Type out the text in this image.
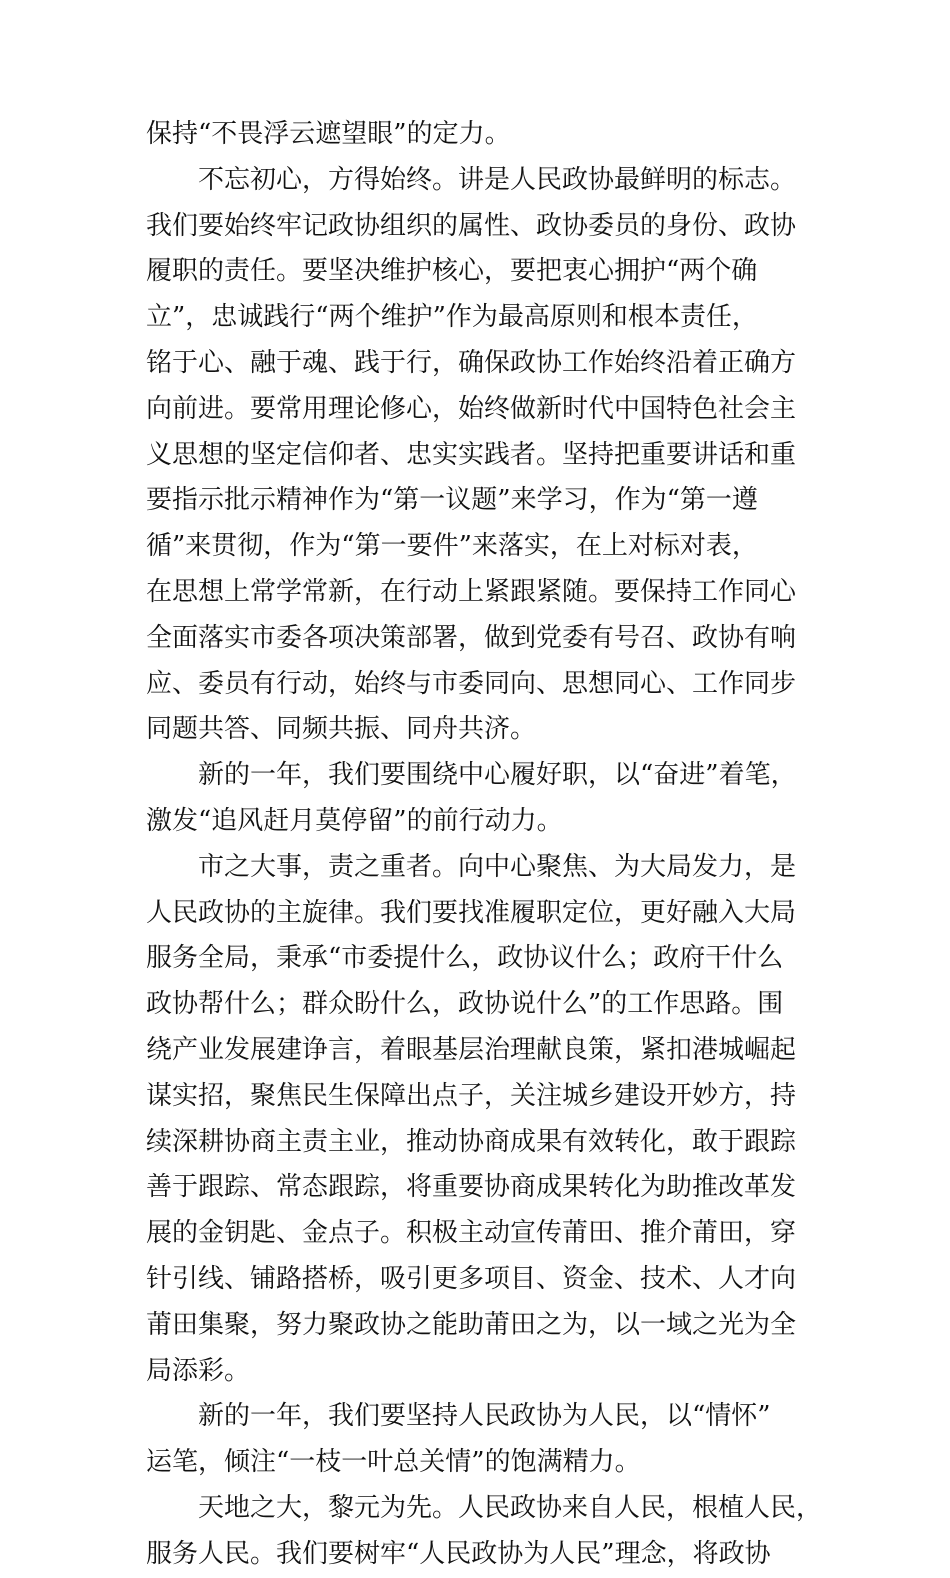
保持“不畏浮云遮望眼”的定力。
　　不忘初心，方得始终。讲是人民政协最鲜明的标志。
我们要始终牢记政协组织的属性、政协委员的身份、政协
履职的责任。要坚决维护核心，要把衷心拥护“两个确
立”，忠诚践行“两个维护”作为最高原则和根本责任，
铭于心、融于魂、践于行，确保政协工作始终沿着正确方
向前进。要常用理论修心，始终做新时代中国特色社会主
义思想的坚定信仰者、忠实实践者。坚持把重要讲话和重
要指示批示精神作为“第一议题”来学习，作为“第一遵
循”来贯彻，作为“第一要件”来落实，在上对标对表，
在思想上常学常新，在行动上紧跟紧随。要保持工作同心
全面落实市委各项决策部署，做到党委有号召、政协有响
应、委员有行动，始终与市委同向、思想同心、工作同步
同题共答、同频共振、同舟共济。
　　新的一年，我们要围绕中心履好职，以“奋进”着笔，
激发“追风赶月莫停留”的前行动力。
　　市之大事，责之重者。向中心聚焦、为大局发力，是
人民政协的主旋律。我们要找准履职定位，更好融入大局
服务全局，秉承“市委提什么，政协议什么；政府干什么
政协帮什么；群众盼什么，政协说什么”的工作思路。围
绕产业发展建诤言，着眼基层治理献良策，紧扣港城崛起
谋实招，聚焦民生保障出点子，关注城乡建设开妙方，持
续深耕协商主责主业，推动协商成果有效转化，敢于跟踪
善于跟踪、常态跟踪，将重要协商成果转化为助推改革发
展的金钥匙、金点子。积极主动宣传莆田、推介莆田，穿
针引线、铺路搭桥，吸引更多项目、资金、技术、人才向
莆田集聚，努力聚政协之能助莆田之为，以一域之光为全
局添彩。
　　新的一年，我们要坚持人民政协为人民，以“情怀”
运笔，倾注“一枝一叶总关情”的饱满精力。
　　天地之大，黎元为先。人民政协来自人民，根植人民，
服务人民。我们要树牢“人民政协为人民”理念，将政协
